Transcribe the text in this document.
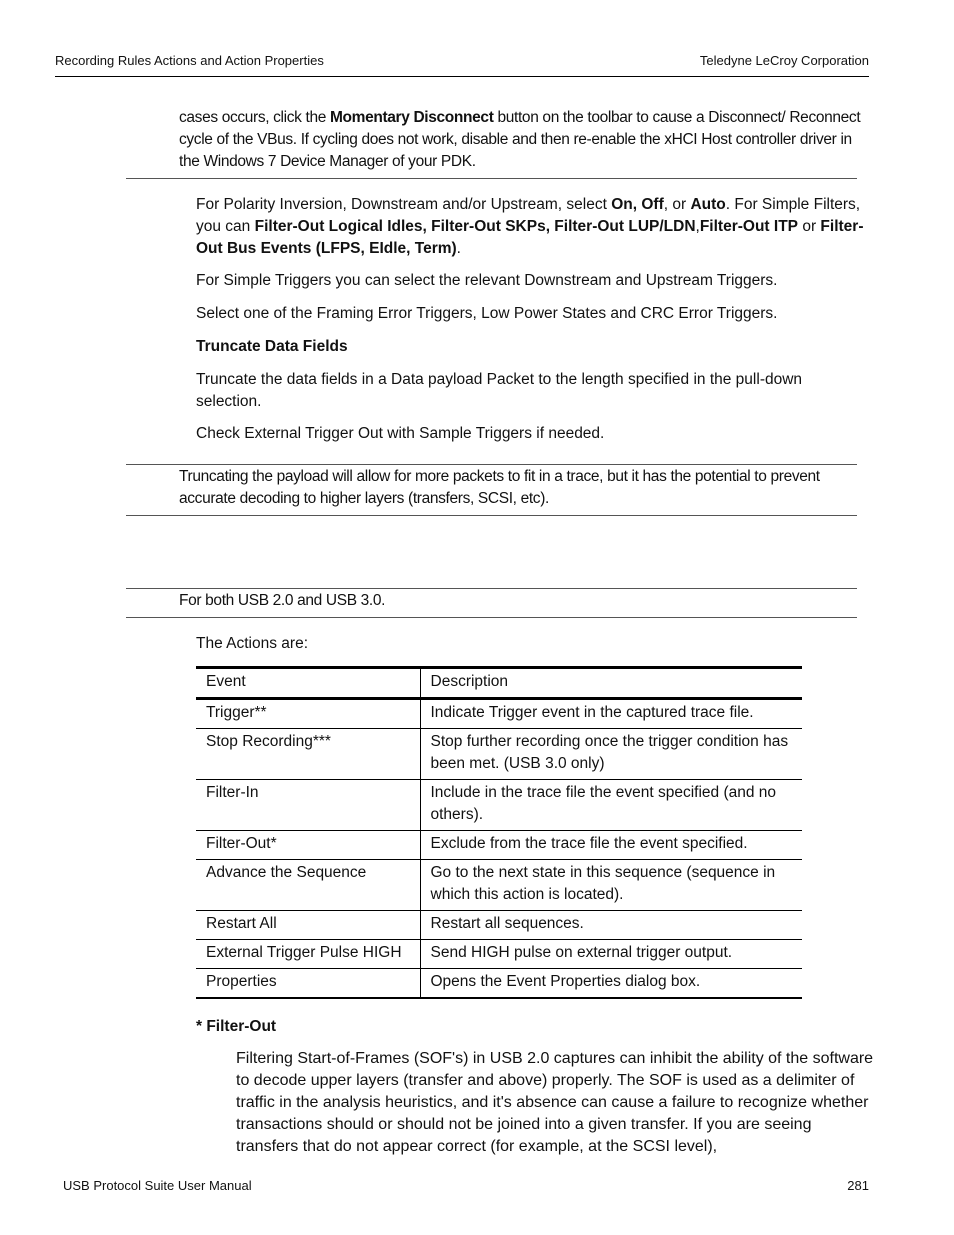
Recording Rules Actions and Action Properties	Teledyne LeCroy Corporation
cases occurs, click the Momentary Disconnect button on the toolbar to cause a Disconnect/ Reconnect cycle of the VBus. If cycling does not work, disable and then re-enable the xHCI Host controller driver in the Windows 7 Device Manager of your PDK.
For Polarity Inversion, Downstream and/or Upstream, select On, Off, or Auto. For Simple Filters, you can Filter-Out Logical Idles, Filter-Out SKPs, Filter-Out LUP/LDN,Filter-Out ITP or Filter-Out Bus Events (LFPS, EIdle, Term).
For Simple Triggers you can select the relevant Downstream and Upstream Triggers.
Select one of the Framing Error Triggers, Low Power States and CRC Error Triggers.
Truncate Data Fields
Truncate the data fields in a Data payload Packet to the length specified in the pull-down selection.
Check External Trigger Out with Sample Triggers if needed.
Truncating the payload will allow for more packets to fit in a trace, but it has the potential to prevent accurate decoding to higher layers (transfers, SCSI, etc).
For both USB 2.0 and USB 3.0.
The Actions are:
Event	Description
Trigger**	Indicate Trigger event in the captured trace file.
Stop Recording***	Stop further recording once the trigger condition has been met. (USB 3.0 only)
Filter-In	Include in the trace file the event specified (and no others).
Filter-Out*	Exclude from the trace file the event specified.
Advance the Sequence	Go to the next state in this sequence (sequence in which this action is located).
Restart All	Restart all sequences.
External Trigger Pulse HIGH	Send HIGH pulse on external trigger output.
Properties	Opens the Event Properties dialog box.
* Filter-Out
Filtering Start-of-Frames (SOF's) in USB 2.0 captures can inhibit the ability of the software to decode upper layers (transfer and above) properly. The SOF is used as a delimiter of traffic in the analysis heuristics, and it's absence can cause a failure to recognize whether transactions should or should not be joined into a given transfer. If you are seeing transfers that do not appear correct (for example, at the SCSI level),
USB Protocol Suite User Manual	281
